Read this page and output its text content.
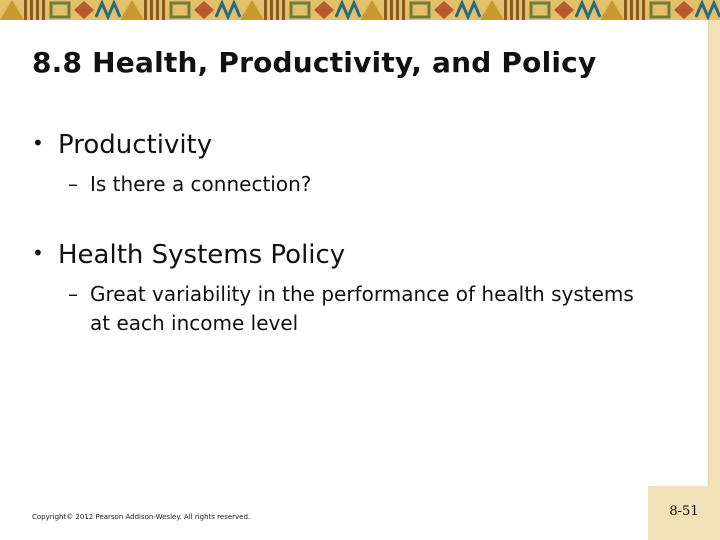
8.8 Health, Productivity, and Policy
• Productivity
– Is there a connection?
• Health Systems Policy
– Great variability in the performance of health systems at each income level
Copyright© 2012 Pearson Addison-Wesley. All rights reserved.	8-51
